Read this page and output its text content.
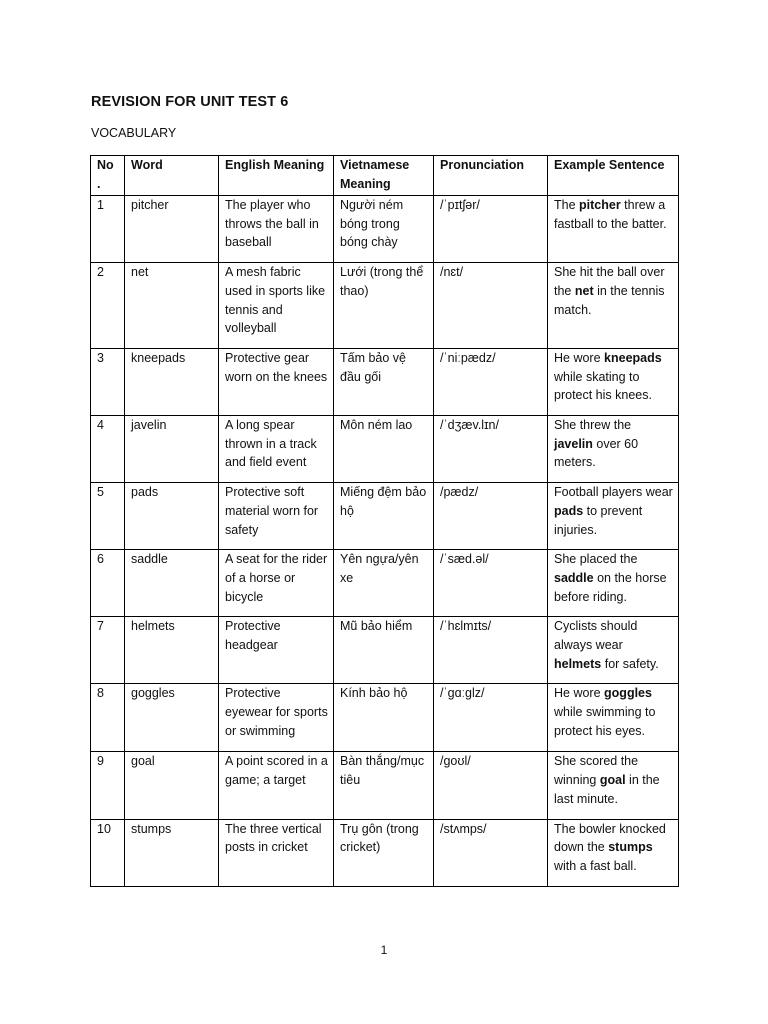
REVISION FOR UNIT TEST 6
VOCABULARY
No
.	Word	English Meaning	Vietnamese Meaning	Pronunciation	Example Sentence
1	pitcher	The player who throws the ball in baseball	Người ném bóng trong bóng chày	/ˈpɪtʃər/	The pitcher threw a fastball to the batter.
2	net	A mesh fabric used in sports like tennis and volleyball	Lưới (trong thể thao)	/nɛt/	She hit the ball over the net in the tennis match.
3	kneepads	Protective gear worn on the knees	Tấm bảo vệ đầu gối	/ˈniːpædz/	He wore kneepads while skating to protect his knees.
4	javelin	A long spear thrown in a track and field event	Môn ném lao	/ˈdʒæv.lɪn/	She threw the javelin over 60 meters.
5	pads	Protective soft material worn for safety	Miếng đệm bảo hộ	/pædz/	Football players wear pads to prevent injuries.
6	saddle	A seat for the rider of a horse or bicycle	Yên ngựa/yên xe	/ˈsæd.əl/	She placed the saddle on the horse before riding.
7	helmets	Protective headgear	Mũ bảo hiểm	/ˈhɛlmɪts/	Cyclists should always wear helmets for safety.
8	goggles	Protective eyewear for sports or swimming	Kính bảo hộ	/ˈɡɑːɡlz/	He wore goggles while swimming to protect his eyes.
9	goal	A point scored in a game; a target	Bàn thắng/mục tiêu	/ɡoʊl/	She scored the winning goal in the last minute.
10	stumps	The three vertical posts in cricket	Trụ gôn (trong cricket)	/stʌmps/	The bowler knocked down the stumps with a fast ball.
1
